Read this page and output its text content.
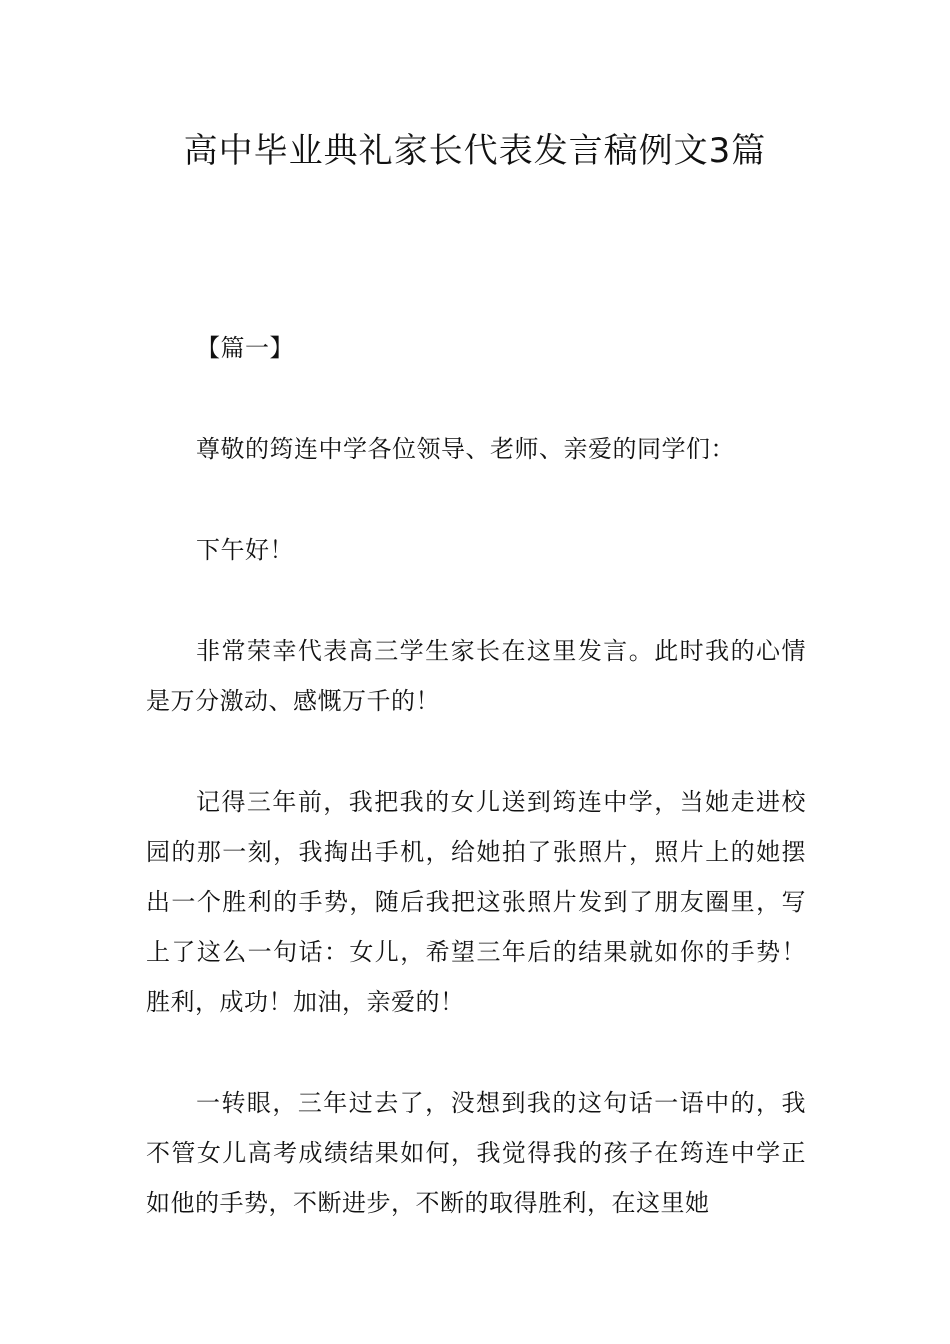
高中毕业典礼家长代表发言稿例文3篇

【篇一】

尊敬的筠连中学各位领导、老师、亲爱的同学们：

下午好！

非常荣幸代表高三学生家长在这里发言。此时我的心情是万分激动、感慨万千的！

记得三年前，我把我的女儿送到筠连中学，当她走进校园的那一刻，我掏出手机，给她拍了张照片，照片上的她摆出一个胜利的手势，随后我把这张照片发到了朋友圈里，写上了这么一句话：女儿，希望三年后的结果就如你的手势！胜利，成功！加油，亲爱的！

一转眼，三年过去了，没想到我的这句话一语中的，我不管女儿高考成绩结果如何，我觉得我的孩子在筠连中学正如他的手势，不断进步，不断的取得胜利，在这里她
